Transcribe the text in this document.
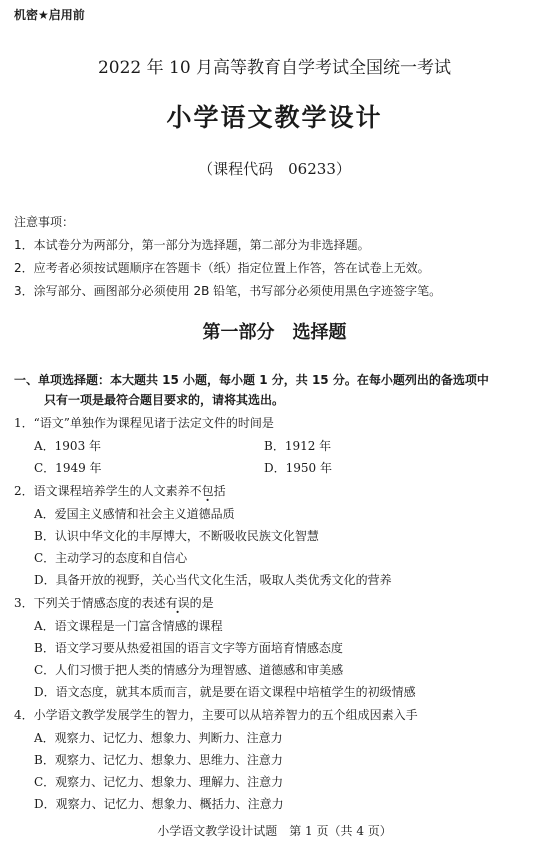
机密★启用前
2022 年 10 月高等教育自学考试全国统一考试
小学语文教学设计
（课程代码　06233）
注意事项：
1．本试卷分为两部分，第一部分为选择题，第二部分为非选择题。
2．应考者必须按试题顺序在答题卡（纸）指定位置上作答，答在试卷上无效。
3．涂写部分、画图部分必须使用 2B 铅笔，书写部分必须使用黑色字迹签字笔。
第一部分　选择题
一、单项选择题：本大题共 15 小题，每小题 1 分，共 15 分。在每小题列出的备选项中
只有一项是最符合题目要求的，请将其选出。
1．“语文”单独作为课程见诸于法定文件的时间是
A．1903 年	B．1912 年
C．1949 年	D．1950 年
2．语文课程培养学生的人文素养不包括
A．爱国主义感情和社会主义道德品质
B．认识中华文化的丰厚博大，不断吸收民族文化智慧
C．主动学习的态度和自信心
D．具备开放的视野，关心当代文化生活，吸取人类优秀文化的营养
3．下列关于情感态度的表述有误的是
A．语文课程是一门富含情感的课程
B．语文学习要从热爱祖国的语言文字等方面培育情感态度
C．人们习惯于把人类的情感分为理智感、道德感和审美感
D．语文态度，就其本质而言，就是要在语文课程中培植学生的初级情感
4．小学语文教学发展学生的智力，主要可以从培养智力的五个组成因素入手
A．观察力、记忆力、想象力、判断力、注意力
B．观察力、记忆力、想象力、思维力、注意力
C．观察力、记忆力、想象力、理解力、注意力
D．观察力、记忆力、想象力、概括力、注意力
小学语文教学设计试题　第 1 页（共 4 页）
